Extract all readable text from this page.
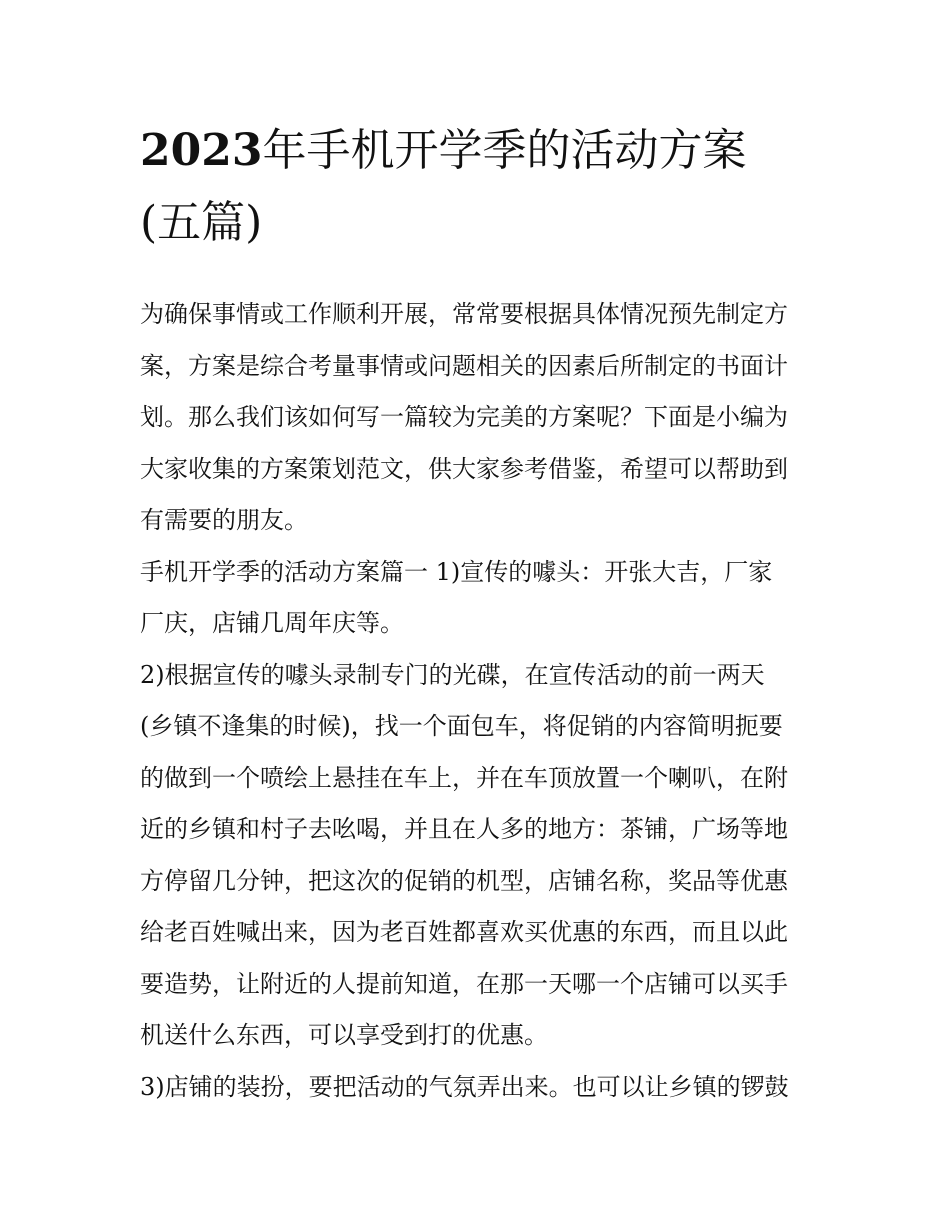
2023年手机开学季的活动方案
(五篇)
为确保事情或工作顺利开展，常常要根据具体情况预先制定方
案，方案是综合考量事情或问题相关的因素后所制定的书面计
划。那么我们该如何写一篇较为完美的方案呢？下面是小编为
大家收集的方案策划范文，供大家参考借鉴，希望可以帮助到
有需要的朋友。
手机开学季的活动方案篇一 1)宣传的噱头：开张大吉，厂家
厂庆，店铺几周年庆等。
2)根据宣传的噱头录制专门的光碟，在宣传活动的前一两天
(乡镇不逢集的时候)，找一个面包车，将促销的内容简明扼要
的做到一个喷绘上悬挂在车上，并在车顶放置一个喇叭，在附
近的乡镇和村子去吆喝，并且在人多的地方：茶铺，广场等地
方停留几分钟，把这次的促销的机型，店铺名称，奖品等优惠
给老百姓喊出来，因为老百姓都喜欢买优惠的东西，而且以此
要造势，让附近的人提前知道，在那一天哪一个店铺可以买手
机送什么东西，可以享受到打的优惠。
3)店铺的装扮，要把活动的气氛弄出来。也可以让乡镇的锣鼓
